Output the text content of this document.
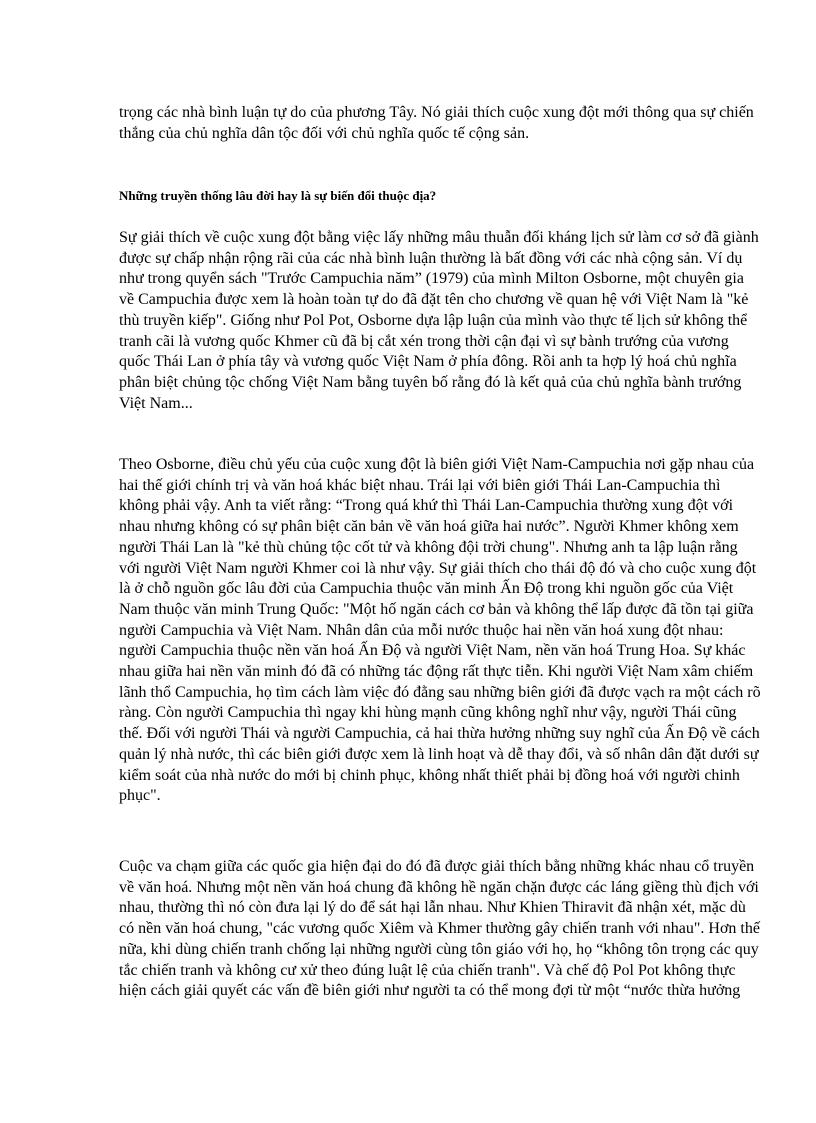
trọng các nhà bình luận tự do của phương Tây. Nó giải thích cuộc xung đột mới thông qua sự chiến
thắng của chủ nghĩa dân tộc đối với chủ nghĩa quốc tế cộng sản.

Những truyền thống lâu đời hay là sự biến đổi thuộc địa?

Sự giải thích về cuộc xung đột bằng việc lấy những mâu thuẫn đối kháng lịch sử làm cơ sở đã giành
được sự chấp nhận rộng rãi của các nhà bình luận thường là bất đồng với các nhà cộng sản. Ví dụ
như trong quyển sách "Trước Campuchia năm” (1979) của mình Milton Osborne, một chuyên gia
về Campuchia được xem là hoàn toàn tự do đã đặt tên cho chương về quan hệ với Việt Nam là "kẻ
thù truyền kiếp". Giống như Pol Pot, Osborne dựa lập luận của mình vào thực tế lịch sử không thể
tranh cãi là vương quốc Khmer cũ đã bị cắt xén trong thời cận đại vì sự bành trướng của vương
quốc Thái Lan ở phía tây và vương quốc Việt Nam ở phía đông. Rồi anh ta hợp lý hoá chủ nghĩa
phân biệt chủng tộc chống Việt Nam bằng tuyên bố rằng đó là kết quả của chủ nghĩa bành trướng
Việt Nam...

Theo Osborne, điều chủ yếu của cuộc xung đột là biên giới Việt Nam-Campuchia nơi gặp nhau của
hai thế giới chính trị và văn hoá khác biệt nhau. Trái lại với biên giới Thái Lan-Campuchia thì
không phải vậy. Anh ta viết rằng: “Trong quá khứ thì Thái Lan-Campuchia thường xung đột với
nhau nhưng không có sự phân biệt căn bản về văn hoá giữa hai nước”. Người Khmer không xem
người Thái Lan là "kẻ thù chủng tộc cốt tử và không đội trời chung". Nhưng anh ta lập luận rằng
với người Việt Nam người Khmer coi là như vậy. Sự giải thích cho thái độ đó và cho cuộc xung đột
là ở chỗ nguồn gốc lâu đời của Campuchia thuộc văn minh Ấn Độ trong khi nguồn gốc của Việt
Nam thuộc văn minh Trung Quốc: "Một hố ngăn cách cơ bản và không thể lấp được đã tồn tại giữa
người Campuchia và Việt Nam. Nhân dân của mỗi nước thuộc hai nền văn hoá xung đột nhau:
người Campuchia thuộc nền văn hoá Ấn Độ và người Việt Nam, nền văn hoá Trung Hoa. Sự khác
nhau giữa hai nền văn minh đó đã có những tác động rất thực tiễn. Khi người Việt Nam xâm chiếm
lãnh thổ Campuchia, họ tìm cách làm việc đó đằng sau những biên giới đã được vạch ra một cách rõ
ràng. Còn người Campuchia thì ngay khi hùng mạnh cũng không nghĩ như vậy, người Thái cũng
thế. Đối với người Thái và người Campuchia, cả hai thừa hưởng những suy nghĩ của Ấn Độ về cách
quản lý nhà nước, thì các biên giới được xem là linh hoạt và dễ thay đổi, và số nhân dân đặt dưới sự
kiểm soát của nhà nước do mới bị chinh phục, không nhất thiết phải bị đồng hoá với người chinh
phục".

Cuộc va chạm giữa các quốc gia hiện đại do đó đã được giải thích bằng những khác nhau cổ truyền
về văn hoá. Nhưng một nền văn hoá chung đã không hề ngăn chặn được các láng giềng thù địch với
nhau, thường thì nó còn đưa lại lý do để sát hại lẫn nhau. Như Khien Thiravit đã nhận xét, mặc dù
có nền văn hoá chung, "các vương quốc Xiêm và Khmer thường gây chiến tranh với nhau". Hơn thế
nữa, khi dùng chiến tranh chống lại những người cùng tôn giáo với họ, họ “không tôn trọng các quy
tắc chiến tranh và không cư xử theo đúng luật lệ của chiến tranh". Và chế độ Pol Pot không thực
hiện cách giải quyết các vấn đề biên giới như người ta có thể mong đợi từ một “nước thừa hưởng
